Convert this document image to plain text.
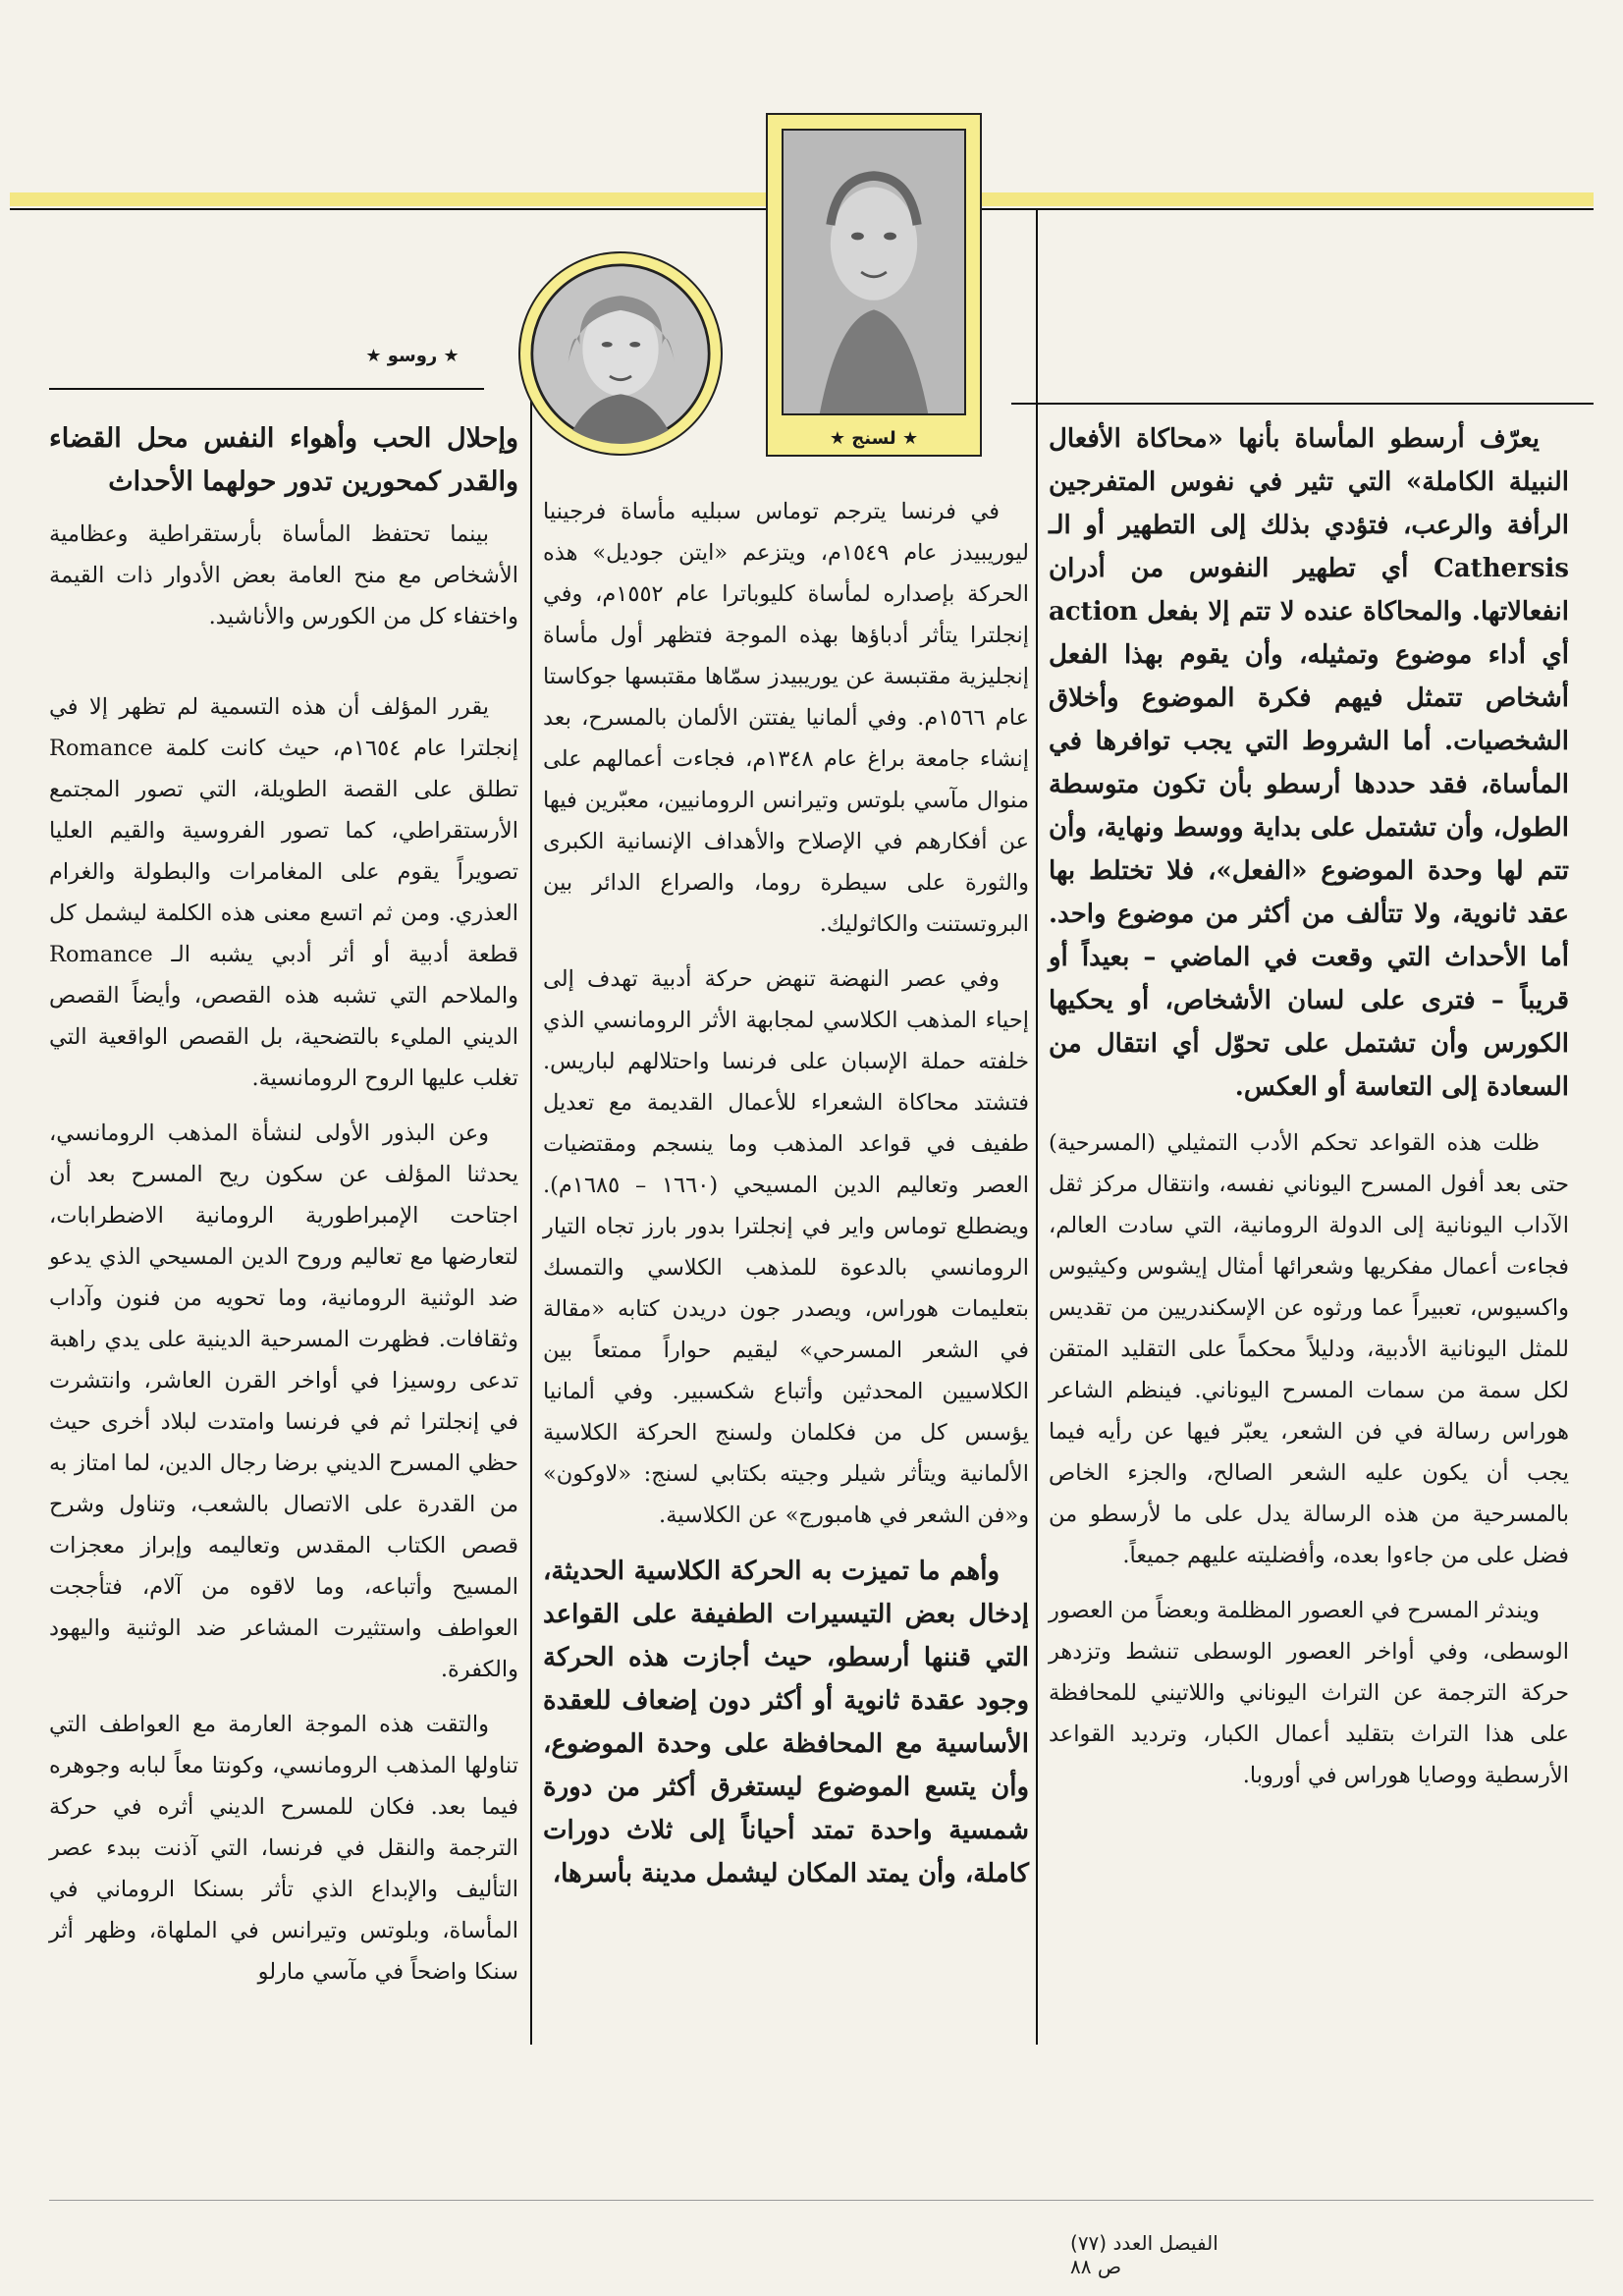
★ لسنج ★
★ روسو ★

يعرّف أرسطو المأساة بأنها «محاكاة الأفعال النبيلة الكاملة» التي تثير في نفوس المتفرجين الرأفة والرعب، فتؤدي بذلك إلى التطهير أو الـ Cathersis أي تطهير النفوس من أدران انفعالاتها. والمحاكاة عنده لا تتم إلا بفعل action أي أداء موضوع وتمثيله، وأن يقوم بهذا الفعل أشخاص تتمثل فيهم فكرة الموضوع وأخلاق الشخصيات. أما الشروط التي يجب توافرها في المأساة، فقد حددها أرسطو بأن تكون متوسطة الطول، وأن تشتمل على بداية ووسط ونهاية، وأن تتم لها وحدة الموضوع «الفعل»، فلا تختلط بها عقد ثانوية، ولا تتألف من أكثر من موضوع واحد. أما الأحداث التي وقعت في الماضي – بعيداً أو قريباً – فترى على لسان الأشخاص، أو يحكيها الكورس وأن تشتمل على تحوّل أي انتقال من السعادة إلى التعاسة أو العكس.

ظلت هذه القواعد تحكم الأدب التمثيلي (المسرحية) حتى بعد أفول المسرح اليوناني نفسه، وانتقال مركز ثقل الآداب اليونانية إلى الدولة الرومانية، التي سادت العالم، فجاءت أعمال مفكريها وشعرائها أمثال إيشوس وكيثيوس واكسيوس، تعبيراً عما ورثوه عن الإسكندريين من تقديس للمثل اليونانية الأدبية، ودليلاً محكماً على التقليد المتقن لكل سمة من سمات المسرح اليوناني. فينظم الشاعر هوراس رسالة في فن الشعر، يعبّر فيها عن رأيه فيما يجب أن يكون عليه الشعر الصالح، والجزء الخاص بالمسرحية من هذه الرسالة يدل على ما لأرسطو من فضل على من جاءوا بعده، وأفضليته عليهم جميعاً.

ويندثر المسرح في العصور المظلمة وبعضاً من العصور الوسطى، وفي أواخر العصور الوسطى تنشط وتزدهر حركة الترجمة عن التراث اليوناني واللاتيني للمحافظة على هذا التراث بتقليد أعمال الكبار، وترديد القواعد الأرسطية ووصايا هوراس في أوروبا.

في فرنسا يترجم توماس سبليه مأساة فرجينيا ليوريبيدز عام ١٥٤٩م، ويتزعم «ايتن جوديل» هذه الحركة بإصداره لمأساة كليوباترا عام ١٥٥٢م، وفي إنجلترا يتأثر أدباؤها بهذه الموجة فتظهر أول مأساة إنجليزية مقتبسة عن يوريبيدز سمّاها مقتبسها جوكاستا عام ١٥٦٦م. وفي ألمانيا يفتتن الألمان بالمسرح، بعد إنشاء جامعة براغ عام ١٣٤٨م، فجاءت أعمالهم على منوال مآسي بلوتس وتيرانس الرومانيين، معبّرين فيها عن أفكارهم في الإصلاح والأهداف الإنسانية الكبرى والثورة على سيطرة روما، والصراع الدائر بين البروتستنت والكاثوليك.

وفي عصر النهضة تنهض حركة أدبية تهدف إلى إحياء المذهب الكلاسي لمجابهة الأثر الرومانسي الذي خلفته حملة الإسبان على فرنسا واحتلالهم لباريس. فتشتد محاكاة الشعراء للأعمال القديمة مع تعديل طفيف في قواعد المذهب وما ينسجم ومقتضيات العصر وتعاليم الدين المسيحي (١٦٦٠ – ١٦٨٥م). ويضطلع توماس واير في إنجلترا بدور بارز تجاه التيار الرومانسي بالدعوة للمذهب الكلاسي والتمسك بتعليمات هوراس، ويصدر جون دريدن كتابه «مقالة في الشعر المسرحي» ليقيم حواراً ممتعاً بين الكلاسيين المحدثين وأتباع شكسبير. وفي ألمانيا يؤسس كل من فكلمان ولسنج الحركة الكلاسية الألمانية ويتأثر شيلر وجيته بكتابي لسنج: «لاوكون» و«فن الشعر في هامبورج» عن الكلاسية.

وأهم ما تميزت به الحركة الكلاسية الحديثة، إدخال بعض التيسيرات الطفيفة على القواعد التي قننها أرسطو، حيث أجازت هذه الحركة وجود عقدة ثانوية أو أكثر دون إضعاف للعقدة الأساسية مع المحافظة على وحدة الموضوع، وأن يتسع الموضوع ليستغرق أكثر من دورة شمسية واحدة تمتد أحياناً إلى ثلاث دورات كاملة، وأن يمتد المكان ليشمل مدينة بأسرها،

وإحلال الحب وأهواء النفس محل القضاء والقدر كمحورين تدور حولهما الأحداث

بينما تحتفظ المأساة بأرستقراطية وعظامية الأشخاص مع منح العامة بعض الأدوار ذات القيمة واختفاء كل من الكورس والأناشيد.

يقرر المؤلف أن هذه التسمية لم تظهر إلا في إنجلترا عام ١٦٥٤م، حيث كانت كلمة Romance تطلق على القصة الطويلة، التي تصور المجتمع الأرستقراطي، كما تصور الفروسية والقيم العليا تصويراً يقوم على المغامرات والبطولة والغرام العذري. ومن ثم اتسع معنى هذه الكلمة ليشمل كل قطعة أدبية أو أثر أدبي يشبه الـ Romance والملاحم التي تشبه هذه القصص، وأيضاً القصص الديني المليء بالتضحية، بل القصص الواقعية التي تغلب عليها الروح الرومانسية.

وعن البذور الأولى لنشأة المذهب الرومانسي، يحدثنا المؤلف عن سكون ريح المسرح بعد أن اجتاحت الإمبراطورية الرومانية الاضطرابات، لتعارضها مع تعاليم وروح الدين المسيحي الذي يدعو ضد الوثنية الرومانية، وما تحويه من فنون وآداب وثقافات. فظهرت المسرحية الدينية على يدي راهبة تدعى روسيزا في أواخر القرن العاشر، وانتشرت في إنجلترا ثم في فرنسا وامتدت لبلاد أخرى حيث حظي المسرح الديني برضا رجال الدين، لما امتاز به من القدرة على الاتصال بالشعب، وتناول وشرح قصص الكتاب المقدس وتعاليمه وإبراز معجزات المسيح وأتباعه، وما لاقوه من آلام، فتأججت العواطف واستثيرت المشاعر ضد الوثنية واليهود والكفرة.

والتقت هذه الموجة العارمة مع العواطف التي تناولها المذهب الرومانسي، وكونتا معاً لبابه وجوهره فيما بعد. فكان للمسرح الديني أثره في حركة الترجمة والنقل في فرنسا، التي آذنت ببدء عصر التأليف والإبداع الذي تأثر بسنكا الروماني في المأساة، وبلوتس وتيرانس في الملهاة، وظهر أثر سنكا واضحاً في مآسي مارلو

الفيصل العدد (٧٧) ص ٨٨
